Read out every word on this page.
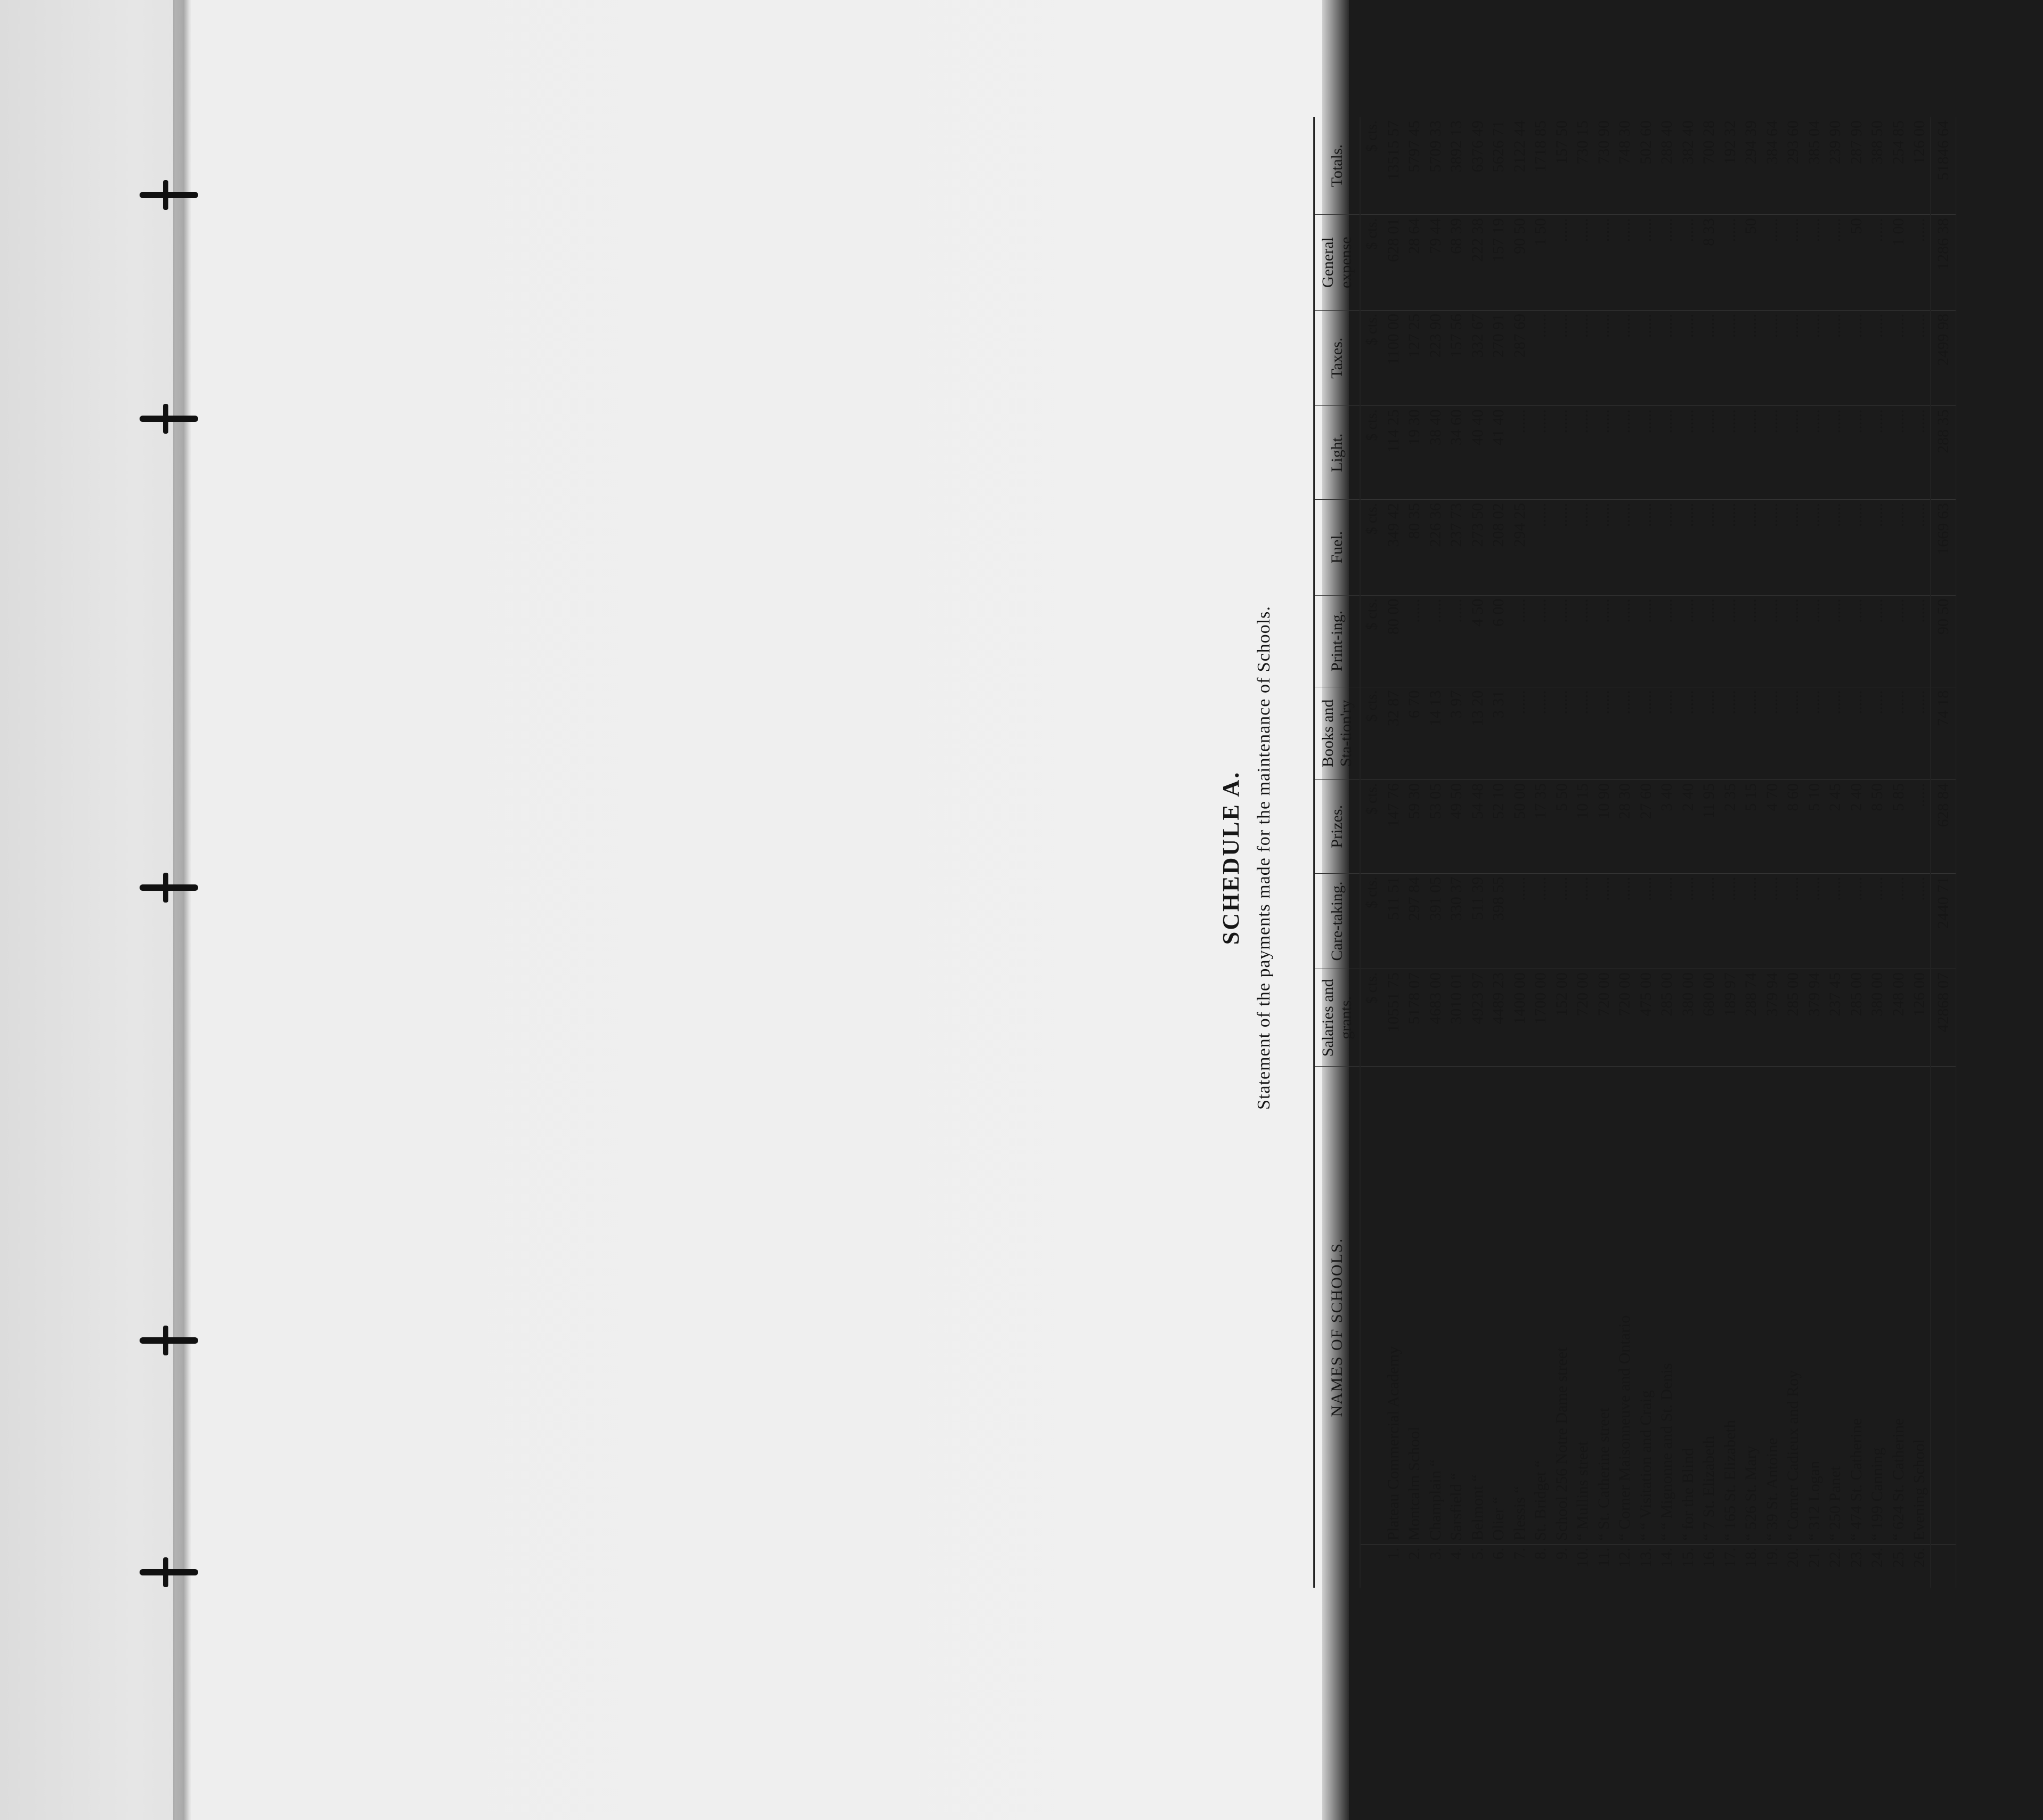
SCHEDULE A. Statement of the payments made for the maintenance of Schools.
NAMES OF SCHOOLS.		Salaries and grants.	Care-taking.	Prizes.	Books and Sta-tion'ry	Print-ing.	Fuel.	Light.	Taxes.	General expense	Totals.
		$ cts.	$ cts.	$ cts.	$ cts.	$ cts.	$ cts.	$ cts.	$ cts.	$ cts.	$ cts.
1.	Plateau Commercial Academy	10551 75	511 51	147 76	32 87	80 00	349 42	114 25	1100 00	628 01	13515 57
2.	Montcalm School	5178 07	297 84	59 30	6 70	......	80 35	19 30	127 25	28 64	5797 45
3.	Champlain “	4683 00	391 05	53 05	14 13	......	226 36	38 40	223 90	79 44	5709 33
4.	Sarsfield “	3010 01	330 37	49 50	3 97	......	237 73	34 60	157 56	68 39	3892 13
5.	Belmont “	4923 97	511 39	54 48	13 20	4 50	273 50	40 40	332 67	222 38	6376 49
6.	Olier “	4489 23	398 55	52 10	3 31	6 00	208 02	41 40	270 91	157 19	5626 71
7.	Plessis “	1400 00	......	50 00	......	......	294 25	......	287 69	90 50	2122 44
8.	St. Bridget “	1700 00	......	17 35	......	......	......	......	......	1 50	1718 85
9.	School 256 Notre Dame street	152 00	......	5 50	......	......	......	......	......	......	157 50
10.	“ Mullins street	720 00	......	10 15	......	......	......	......	......	......	730 15
11.	“ St. Catherine street	720 00	......	10 90	......	......	......	......	......	......	730 90
12.	“ Corner Maisonneuve and Ontario	720 00	......	28 30	......	......	......	......	......	......	748 30
13.	“ “ Visitation and Craig	475 00	......	27 60	......	......	......	......	......	......	502 60
14.	“ “ Mignonne and St. Denis	285 00	......	3 40	......	......	......	......	......	......	288 40
15.	“ for the Blind	380 00	......	2 40	......	......	......	......	......	......	382 40
16.	“ 7 St. Elizabeth	680 00	......	11 95	......	......	......	......	......	8 33	700 28
17.	“ 165 St. Elizabeth	189 97	......	2 35	......	......	......	......	......	......	192 32
18.	“ 526 St. Mary	288 74	......	5 15	......	......	......	......	......	50	294 39
19.	“ 39 St. Antoine	379 94	......	4 70	......	......	......	......	......	......	384 64
20.	“ Corner Cadieux and Roy	285 00	......	8 60	......	......	......	......	......	......	293 60
21.	“ 312 Logan	379 94	......	5 10	......	......	......	......	......	......	385 04
22.	“ 250 Panet	237 45	......	2 45	......	......	......	......	......	......	239 90
23.	“ 474 St. Catherine	285 00	......	2 40	......	......	......	......	......	50	287 90
24.	“ 199 Canning	380 00	......	8 50	......	......	......	......	......	......	388 50
25.	“ 624 St. Catherine	248 00	......	5 85	......	......	......	......	......	1 00	254 85
26.	Evening School	126 00	......	......	......	......	......	......	......	......	126 00
		42868 07	2440 71	628 84	74 18	90 50	1669 63	288 35	2499 98	1286 38	51846 64
